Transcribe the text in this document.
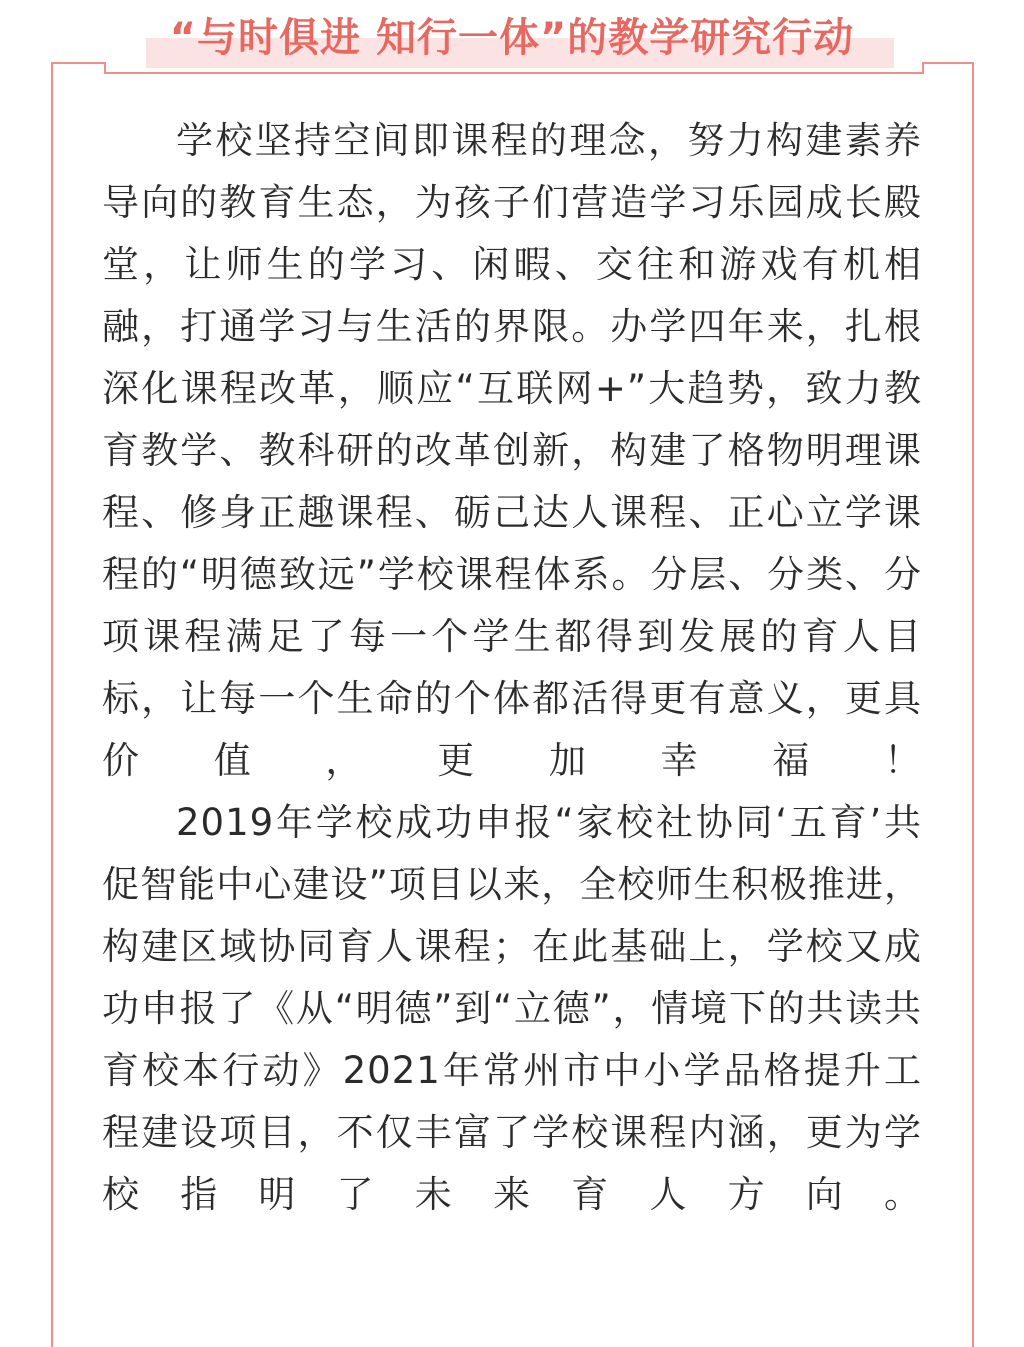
“与时俱进 知行一体”的教学研究行动

学校坚持空间即课程的理念，努力构建素养导向的教育生态，为孩子们营造学习乐园成长殿堂，让师生的学习、闲暇、交往和游戏有机相融，打通学习与生活的界限。办学四年来，扎根深化课程改革，顺应“互联网+”大趋势，致力教育教学、教科研的改革创新，构建了格物明理课程、修身正趣课程、砺己达人课程、正心立学课程的“明德致远”学校课程体系。分层、分类、分项课程满足了每一个学生都得到发展的育人目标，让每一个生命的个体都活得更有意义，更具价值，更加幸福！

2019年学校成功申报“家校社协同‘五育’共促智能中心建设”项目以来，全校师生积极推进，构建区域协同育人课程；在此基础上，学校又成功申报了《从“明德”到“立德”，情境下的共读共育校本行动》2021年常州市中小学品格提升工程建设项目，不仅丰富了学校课程内涵，更为学校指明了未来育人方向。
